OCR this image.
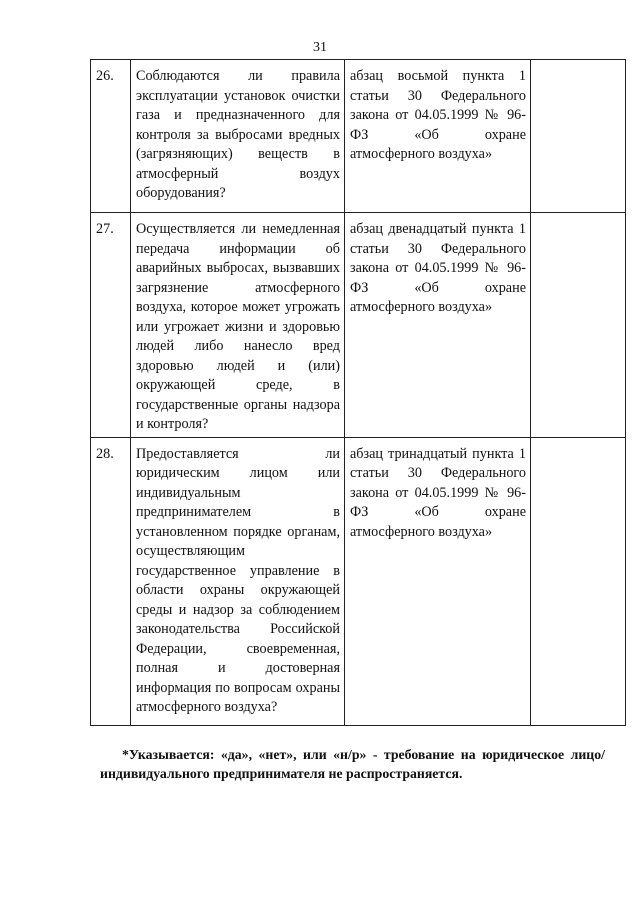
31
26.	Соблюдаются ли правила эксплуатации установок очистки газа и предназначенного для контроля за выбросами вредных (загрязняющих) веществ в атмосферный воздух оборудования?	абзац восьмой пункта 1 статьи 30 Федерального закона от 04.05.1999 № 96-ФЗ «Об охране атмосферного воздуха»	
27.	Осуществляется ли немедленная передача информации об аварийных выбросах, вызвавших загрязнение атмосферного воздуха, которое может угрожать или угрожает жизни и здоровью людей либо нанесло вред здоровью людей и (или) окружающей среде, в государственные органы надзора и контроля?	абзац двенадцатый пункта 1 статьи 30 Федерального закона от 04.05.1999 № 96-ФЗ «Об охране атмосферного воздуха»	
28.	Предоставляется ли юридическим лицом или индивидуальным предпринимателем в установленном порядке органам, осуществляющим государственное управление в области охраны окружающей среды и надзор за соблюдением законодательства Российской Федерации, своевременная, полная и достоверная информация по вопросам охраны атмосферного воздуха?	абзац тринадцатый пункта 1 статьи 30 Федерального закона от 04.05.1999 № 96-ФЗ «Об охране атмосферного воздуха»	
*Указывается: «да», «нет», или «н/р» - требование на юридическое лицо/индивидуального предпринимателя не распространяется.
